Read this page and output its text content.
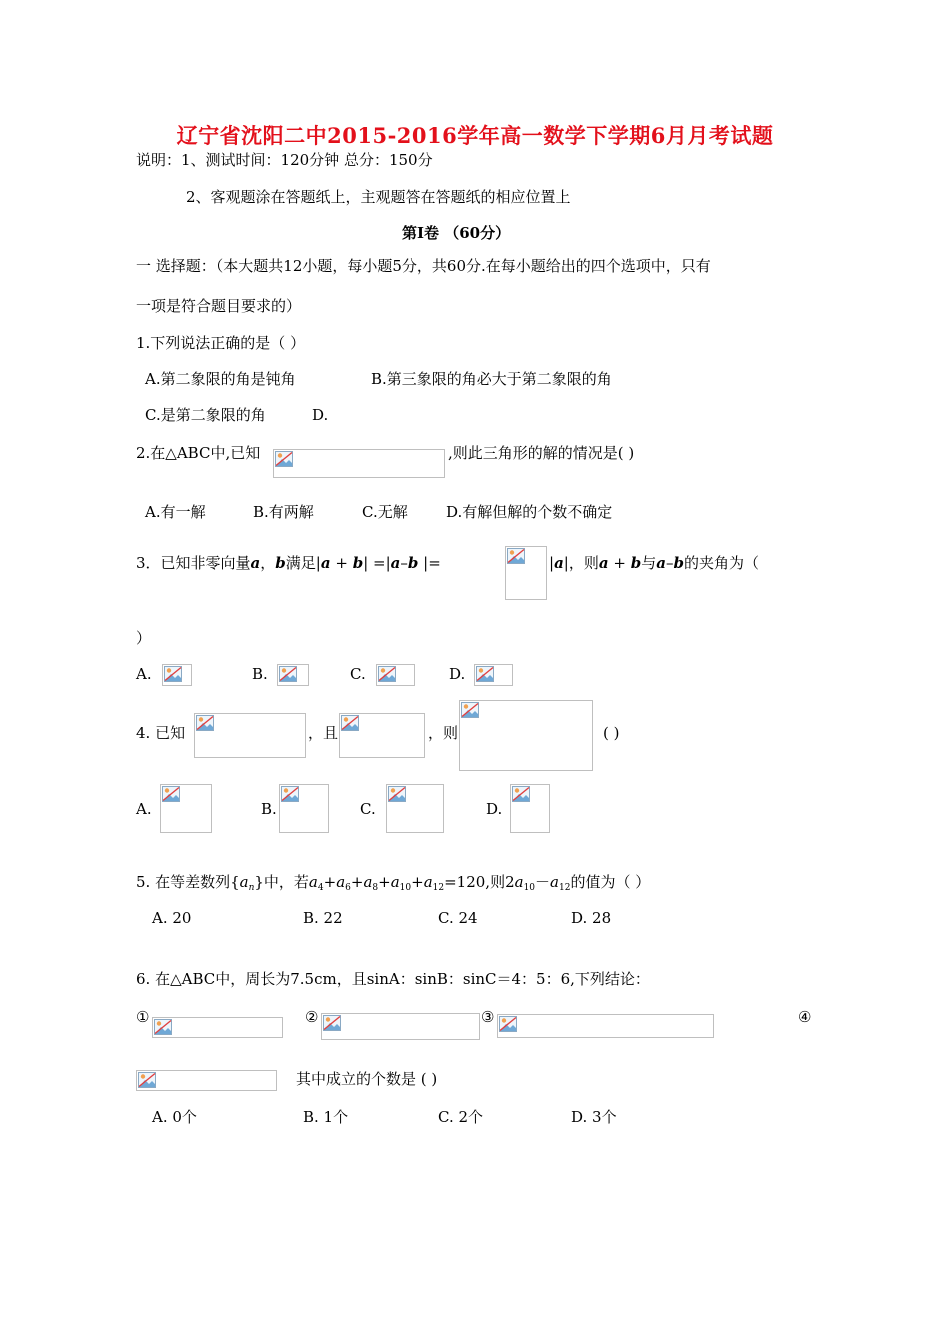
辽宁省沈阳二中2015-2016学年高一数学下学期6月月考试题
说明：1、测试时间：120分钟 总分：150分
2、客观题涂在答题纸上，主观题答在答题纸的相应位置上
第Ⅰ卷 （60分）
一 选择题：（本大题共12小题，每小题5分，共60分.在每小题给出的四个选项中，只有
一项是符合题目要求的）
1.下列说法正确的是（ ）
A.第二象限的角是钝角	B.第三象限的角必大于第二象限的角
C.是第二象限的角	D.
2.在△ABC中,已知	,则此三角形的解的情况是( )
A.有一解	B.有两解	C.无解	D.有解但解的个数不确定
3．已知非零向量a，b满足|a + b| =|a–b |=	|a|，则a + b与a–b的夹角为（
）
A.	B.	C.	D.
4. 已知	，且	，则	( )
A.	B.	C.	D.
5. 在等差数列$\{a_n\}$中，若$a_4+a_6+a_8+a_{10}+a_{12}=120$,则$2a_{10}-a_{12}$的值为（ ）
A. 20	B. 22	C. 24	D. 28
6. 在△ABC中，周长为7.5cm，且sinA：sinB：sinC＝4：5：6,下列结论：
①	②	③	④
其中成立的个数是 ( )
A. 0个	B. 1个	C. 2个	D. 3个
